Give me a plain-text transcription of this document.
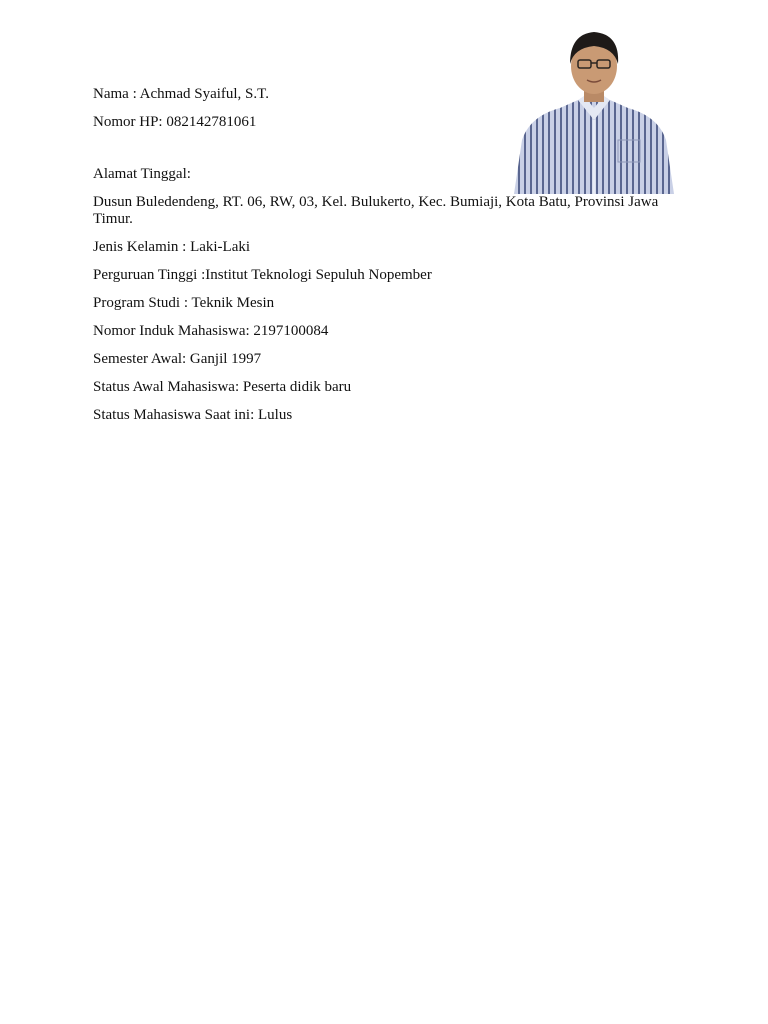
Nama : Achmad Syaiful, S.T.
Nomor HP: 082142781061
Alamat Tinggal:
Dusun Buledendeng, RT. 06, RW, 03, Kel. Bulukerto, Kec. Bumiaji, Kota Batu, Provinsi Jawa Timur.
Jenis Kelamin : Laki-Laki
Perguruan Tinggi :Institut Teknologi Sepuluh Nopember
Program Studi : Teknik Mesin
Nomor Induk Mahasiswa: 2197100084
Semester Awal: Ganjil 1997
Status Awal Mahasiswa: Peserta didik baru
Status Mahasiswa Saat ini: Lulus
